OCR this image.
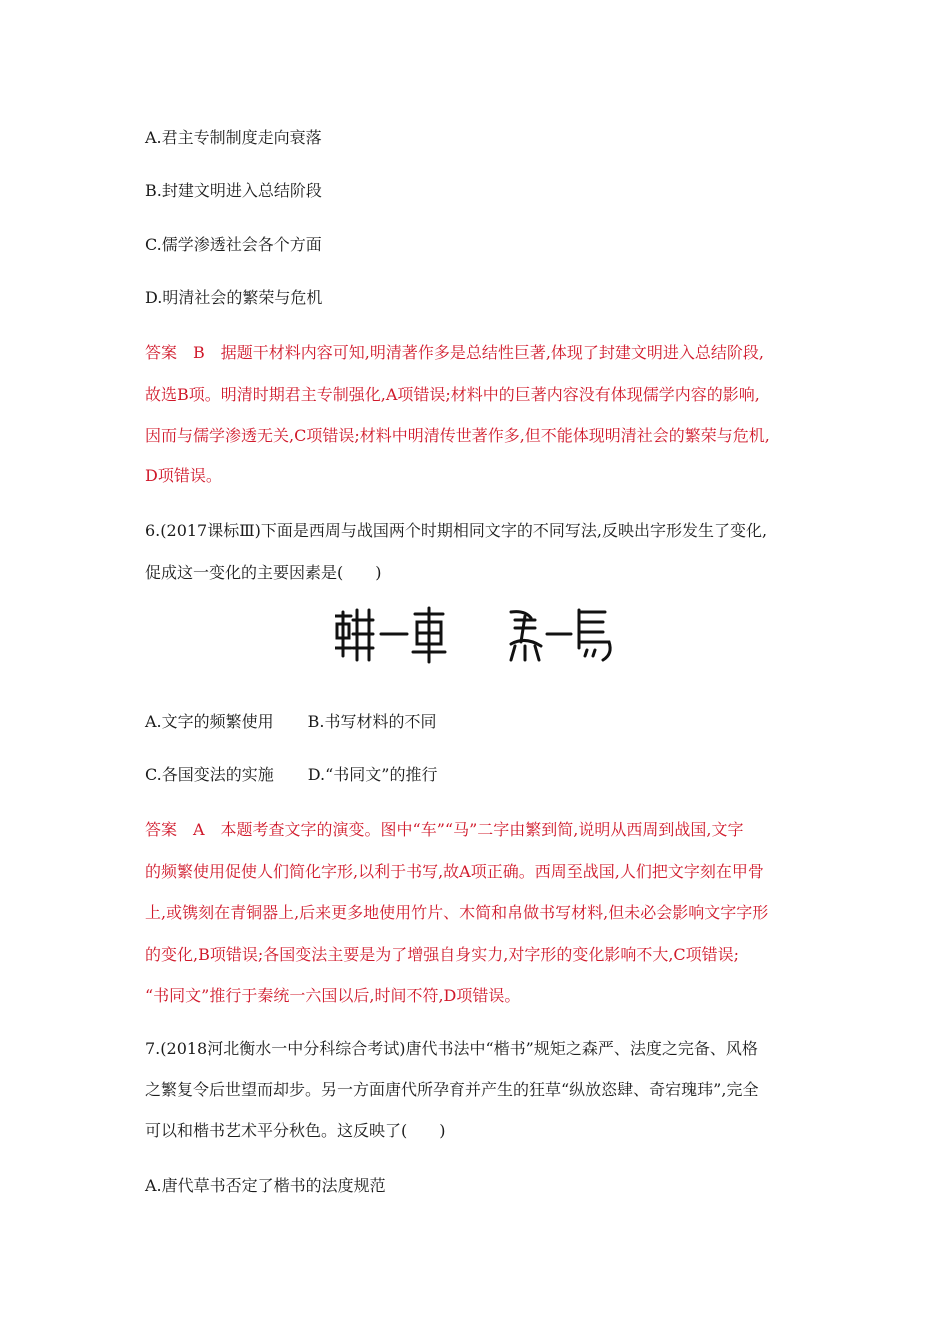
A.君主专制制度走向衰落
B.封建文明进入总结阶段
C.儒学渗透社会各个方面
D.明清社会的繁荣与危机
答案　B　据题干材料内容可知,明清著作多是总结性巨著,体现了封建文明进入总结阶段,
故选B项。明清时期君主专制强化,A项错误;材料中的巨著内容没有体现儒学内容的影响,
因而与儒学渗透无关,C项错误;材料中明清传世著作多,但不能体现明清社会的繁荣与危机,
D项错误。
6.(2017课标Ⅲ)下面是西周与战国两个时期相同文字的不同写法,反映出字形发生了变化,
促成这一变化的主要因素是(　　)
A.文字的频繁使用 B.书写材料的不同
C.各国变法的实施 D.“书同文”的推行
答案　A　本题考查文字的演变。图中“车”“马”二字由繁到简,说明从西周到战国,文字
的频繁使用促使人们简化字形,以利于书写,故A项正确。西周至战国,人们把文字刻在甲骨
上,或镌刻在青铜器上,后来更多地使用竹片、木简和帛做书写材料,但未必会影响文字字形
的变化,B项错误;各国变法主要是为了增强自身实力,对字形的变化影响不大,C项错误;
“书同文”推行于秦统一六国以后,时间不符,D项错误。
7.(2018河北衡水一中分科综合考试)唐代书法中“楷书”规矩之森严、法度之完备、风格
之繁复令后世望而却步。另一方面唐代所孕育并产生的狂草“纵放恣肆、奇宕瑰玮”,完全
可以和楷书艺术平分秋色。这反映了(　　)
A.唐代草书否定了楷书的法度规范
